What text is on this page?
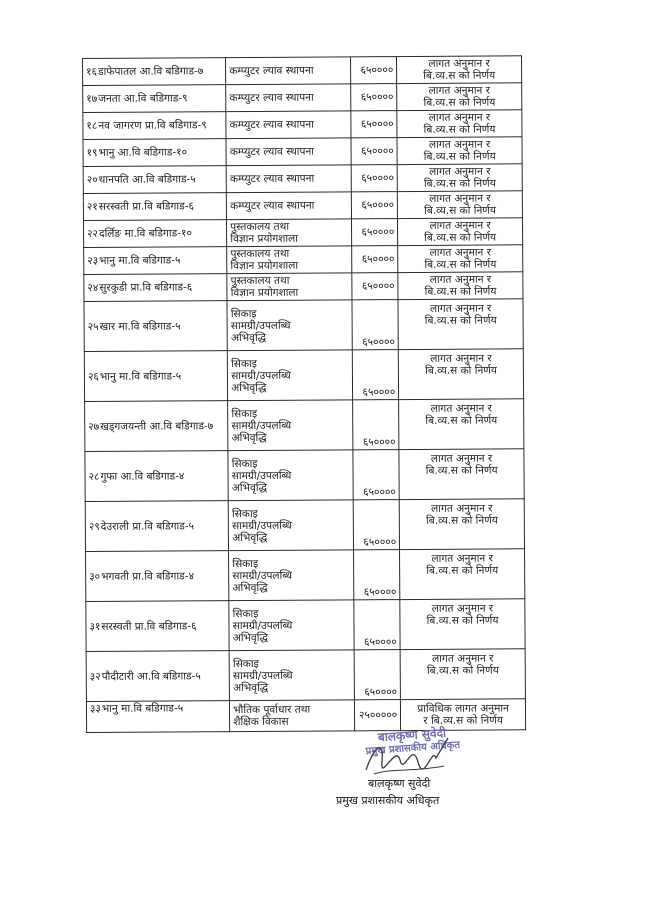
१६डाफेपातल आ.वि बडिगाड-७	कम्प्युटर ल्याव स्थापना	६५००००	लागत अनुमान र
बि.व्य.स को निर्णय

१७जनता आ.वि बडिगाड-९	कम्प्युटर ल्याव स्थापना	६५००००	लागत अनुमान र
बि.व्य.स को निर्णय

१८नव जागरण प्रा.वि बडिगाड-९	कम्प्युटर ल्याव स्थापना	६५००००	लागत अनुमान र
बि.व्य.स को निर्णय

१९भानु आ.वि बडिगाड-१०	कम्प्युटर ल्याव स्थापना	६५००००	लागत अनुमान र
बि.व्य.स को निर्णय

२०थानपति आ.वि बडिगाड-५	कम्प्युटर ल्याव स्थापना	६५००००	लागत अनुमान र
बि.व्य.स को निर्णय

२१सरस्वती प्रा.वि बडिगाड-६	कम्प्युटर ल्याव स्थापना	६५००००	लागत अनुमान र
बि.व्य.स को निर्णय

२२दर्लिङ मा.वि बडिगाड-१०	पुस्तकालय तथा
विज्ञान प्रयोगशाला	६५००००	लागत अनुमान र
बि.व्य.स को निर्णय

२३भानु मा.वि बडिगाड-५	पुस्तकालय तथा
विज्ञान प्रयोगशाला	६५००००	लागत अनुमान र
बि.व्य.स को निर्णय

२४सुरकुडी प्रा.वि बडिगाड-६	पुस्तकालय तथा
विज्ञान प्रयोगशाला	६५००००	लागत अनुमान र
बि.व्य.स को निर्णय

२५खार मा.वि बडिगाड-५	सिकाइ
सामग्री/उपलब्धि
अभिवृद्धि	६५००००	लागत अनुमान र
बि.व्य.स को निर्णय

२६भानु मा.वि बडिगाड-५	सिकाइ
सामग्री/उपलब्धि
अभिवृद्धि	६५००००	लागत अनुमान र
बि.व्य.स को निर्णय

२७खड्गजयन्ती आ.वि बडिगाड-७	सिकाइ
सामग्री/उपलब्धि
अभिवृद्धि	६५००००	लागत अनुमान र
बि.व्य.स को निर्णय

२८गुफा आ.वि बडिगाड-४	सिकाइ
सामग्री/उपलब्धि
अभिवृद्धि	६५००००	लागत अनुमान र
बि.व्य.स को निर्णय

२९देउराली प्रा.वि बडिगाड-५	सिकाइ
सामग्री/उपलब्धि
अभिवृद्धि	६५००००	लागत अनुमान र
बि.व्य.स को निर्णय

३०भगवती प्रा.वि बडिगाड-४	सिकाइ
सामग्री/उपलब्धि
अभिवृद्धि	६५००००	लागत अनुमान र
बि.व्य.स को निर्णय

३१सरस्वती प्रा.वि बडिगाड-६	सिकाइ
सामग्री/उपलब्धि
अभिवृद्धि	६५००००	लागत अनुमान र
बि.व्य.स को निर्णय

३२पौदीटारी आ.वि बडिगाड-५	सिकाइ
सामग्री/उपलब्धि
अभिवृद्धि	६५००००	लागत अनुमान र
बि.व्य.स को निर्णय

३३भानु मा.वि बडिगाड-५	भौतिक पूर्वाधार तथा
शैक्षिक विकास	२५०००००	प्राविधिक लागत अनुमान
र बि.व्य.स को निर्णय
बालकृष्ण सुवेदी
प्रमुख प्रशासकीय अधिकृत
बालकृष्ण सुवेदी
प्रमुख प्रशासकीय अधिकृत
